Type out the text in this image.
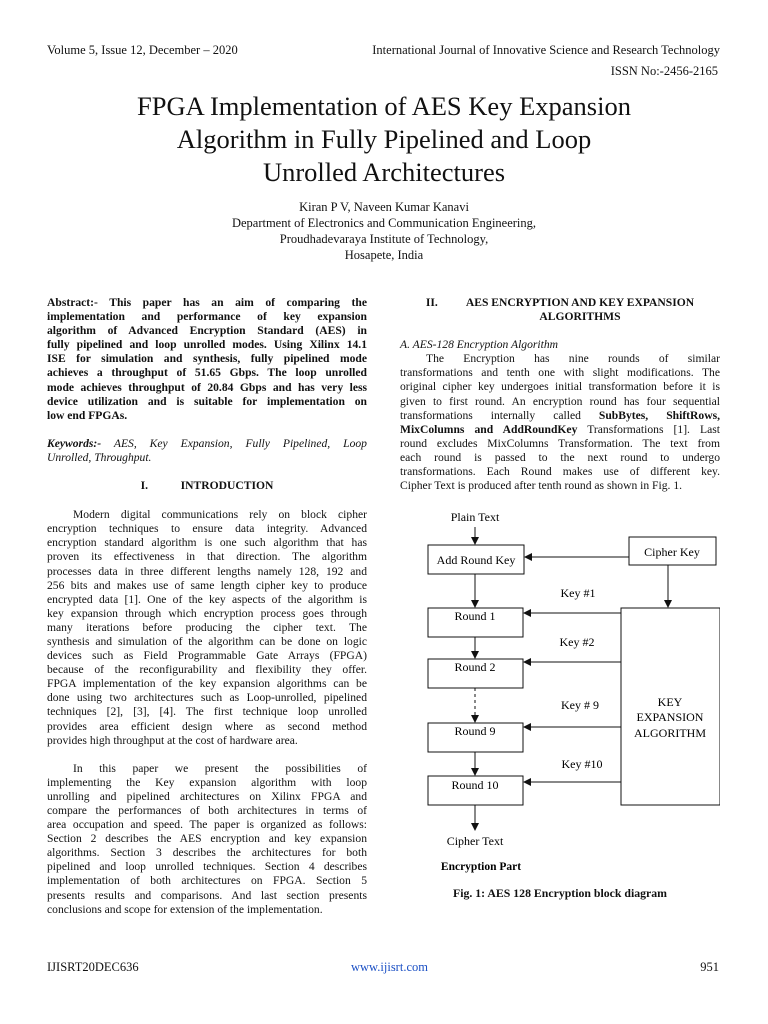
Volume 5, Issue 12, December – 2020	International Journal of Innovative Science and Research Technology
ISSN No:-2456-2165
FPGA Implementation of AES Key Expansion
Algorithm in Fully Pipelined and Loop
Unrolled Architectures
Kiran P V, Naveen Kumar Kanavi
Department of Electronics and Communication Engineering,
Proudhadevaraya Institute of Technology,
Hosapete, India
Abstract:- This paper has an aim of comparing the
implementation and performance of key expansion
algorithm of Advanced Encryption Standard (AES) in
fully pipelined and loop unrolled modes. Using Xilinx 14.1
ISE for simulation and synthesis, fully pipelined mode
achieves a throughput of 51.65 Gbps. The loop unrolled
mode achieves throughput of 20.84 Gbps and has very less
device utilization and is suitable for implementation on
low end FPGAs.
Keywords:- AES, Key Expansion, Fully Pipelined, Loop
Unrolled, Throughput.
I.	INTRODUCTION
Modern digital communications rely on block cipher
encryption techniques to ensure data integrity. Advanced
encryption standard algorithm is one such algorithm that has
proven its effectiveness in that direction. The algorithm
processes data in three different lengths namely 128, 192 and
256 bits and makes use of same length cipher key to produce
encrypted data [1]. One of the key aspects of the algorithm is
key expansion through which encryption process goes through
many iterations before producing the cipher text. The
synthesis and simulation of the algorithm can be done on logic
devices such as Field Programmable Gate Arrays (FPGA)
because of the reconfigurability and flexibility they offer.
FPGA implementation of the key expansion algorithms can be
done using two architectures such as Loop-unrolled, pipelined
techniques [2], [3], [4]. The first technique loop unrolled
provides area efficient design where as second method
provides high throughput at the cost of hardware area.
In this paper we present the possibilities of
implementing the Key expansion algorithm with loop
unrolling and pipelined architectures on Xilinx FPGA and
compare the performances of both architectures in terms of
area occupation and speed. The paper is organized as follows:
Section 2 describes the AES encryption and key expansion
algorithms. Section 3 describes the architectures for both
pipelined and loop unrolled techniques. Section 4 describes
implementation of both architectures on FPGA. Section 5
presents results and comparisons. And last section presents
conclusions and scope for extension of the implementation.
II. AES ENCRYPTION AND KEY EXPANSION
ALGORITHMS
A. AES-128 Encryption Algorithm
The Encryption has nine rounds of similar
transformations and tenth one with slight modifications. The
original cipher key undergoes initial transformation before it is
given to first round. An encryption round has four sequential
transformations internally called SubBytes, ShiftRows,
MixColumns and AddRoundKey Transformations [1]. Last
round excludes MixColumns Transformation. The text from
each round is passed to the next round to undergo
transformations. Each Round makes use of different key.
Cipher Text is produced after tenth round as shown in Fig. 1.
Plain Text
Add Round Key
Cipher Key
KEY
EXPANSION
ALGORITHM
Round 1
Key #1
Round 2
Key #2
Round 9
Key # 9
Round 10
Key #10
Cipher Text
Encryption Part
Fig. 1: AES 128 Encryption block diagram
IJISRT20DEC636	www.ijisrt.com	951
